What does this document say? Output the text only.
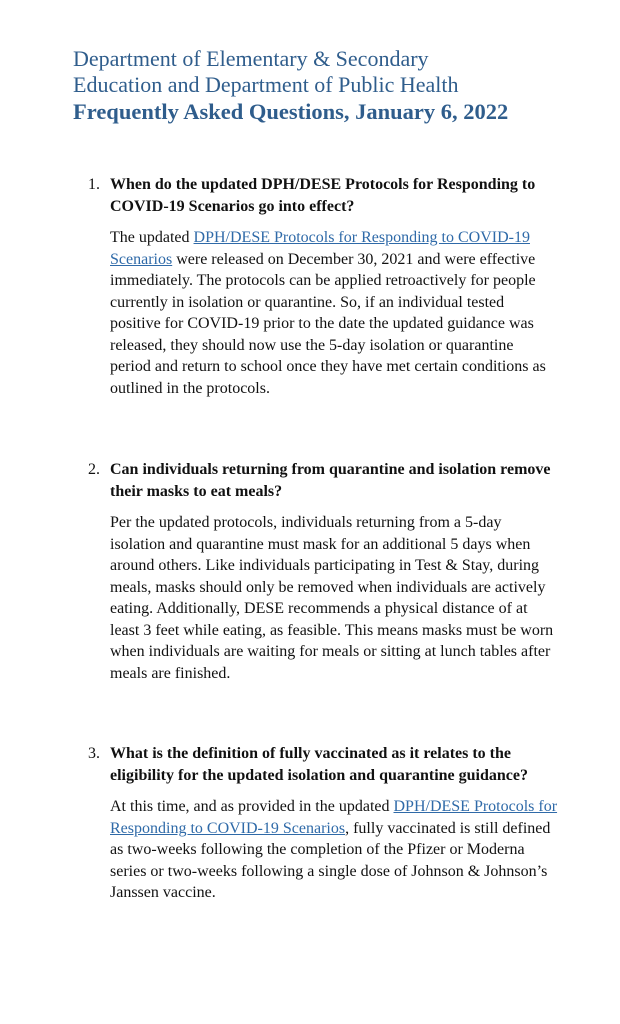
Department of Elementary & Secondary
Education and Department of Public Health
Frequently Asked Questions, January 6, 2022
1. When do the updated DPH/DESE Protocols for Responding to COVID-19 Scenarios go into effect?
The updated DPH/DESE Protocols for Responding to COVID-19 Scenarios were released on December 30, 2021 and were effective immediately. The protocols can be applied retroactively for people currently in isolation or quarantine. So, if an individual tested positive for COVID-19 prior to the date the updated guidance was released, they should now use the 5-day isolation or quarantine period and return to school once they have met certain conditions as outlined in the protocols.
2. Can individuals returning from quarantine and isolation remove their masks to eat meals?
Per the updated protocols, individuals returning from a 5-day isolation and quarantine must mask for an additional 5 days when around others. Like individuals participating in Test & Stay, during meals, masks should only be removed when individuals are actively eating. Additionally, DESE recommends a physical distance of at least 3 feet while eating, as feasible. This means masks must be worn when individuals are waiting for meals or sitting at lunch tables after meals are finished.
3. What is the definition of fully vaccinated as it relates to the eligibility for the updated isolation and quarantine guidance?
At this time, and as provided in the updated DPH/DESE Protocols for Responding to COVID-19 Scenarios, fully vaccinated is still defined as two-weeks following the completion of the Pfizer or Moderna series or two-weeks following a single dose of Johnson & Johnson’s Janssen vaccine.
